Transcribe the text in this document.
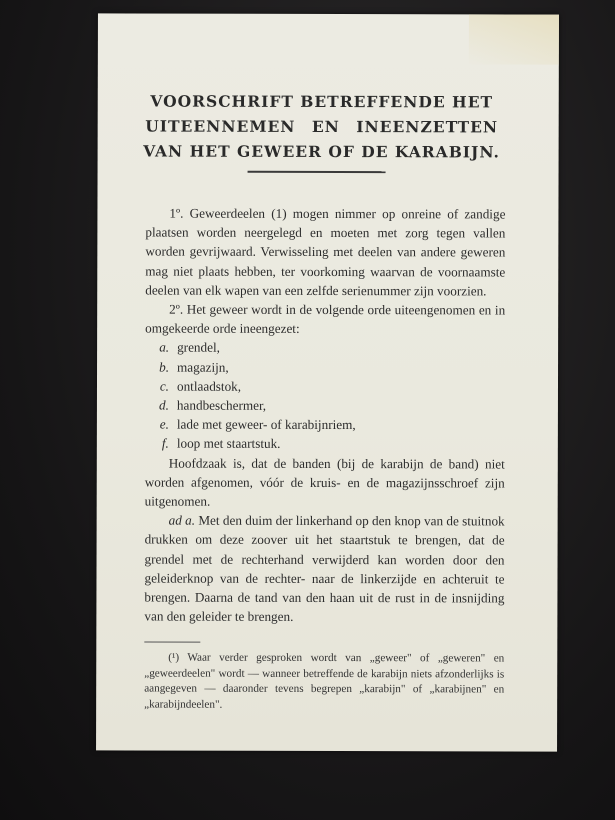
VOORSCHRIFT BETREFFENDE HET
UITEENNEMEN EN INEENZETTEN
VAN HET GEWEER OF DE KARABIJN.

1º. Geweerdeelen (1) mogen nimmer op onreine of zandige plaatsen worden neergelegd en moeten met zorg tegen vallen worden gevrijwaard. Verwisseling met deelen van andere geweren mag niet plaats hebben, ter voorkoming waarvan de voornaamste deelen van elk wapen van een zelfde serienummer zijn voorzien.

2º. Het geweer wordt in de volgende orde uiteengenomen en in omgekeerde orde ineengezet:

a. grendel,
b. magazijn,
c. ontlaadstok,
d. handbeschermer,
e. lade met geweer- of karabijnriem,
f. loop met staartstuk.

Hoofdzaak is, dat de banden (bij de karabijn de band) niet worden afgenomen, vóór de kruis- en de magazijnsschroef zijn uitgenomen.

ad a. Met den duim der linkerhand op den knop van de stuitnok drukken om deze zoover uit het staartstuk te brengen, dat de grendel met de rechterhand verwijderd kan worden door den geleiderknop van de rechter- naar de linkerzijde en achteruit te brengen. Daarna de tand van den haan uit de rust in de insnijding van den geleider te brengen.

(¹) Waar verder gesproken wordt van „geweer" of „geweren" en „geweerdeelen" wordt — wanneer betreffende de karabijn niets afzonderlijks is aangegeven — daaronder tevens begrepen „karabijn" of „karabijnen" en „karabijndeelen".
